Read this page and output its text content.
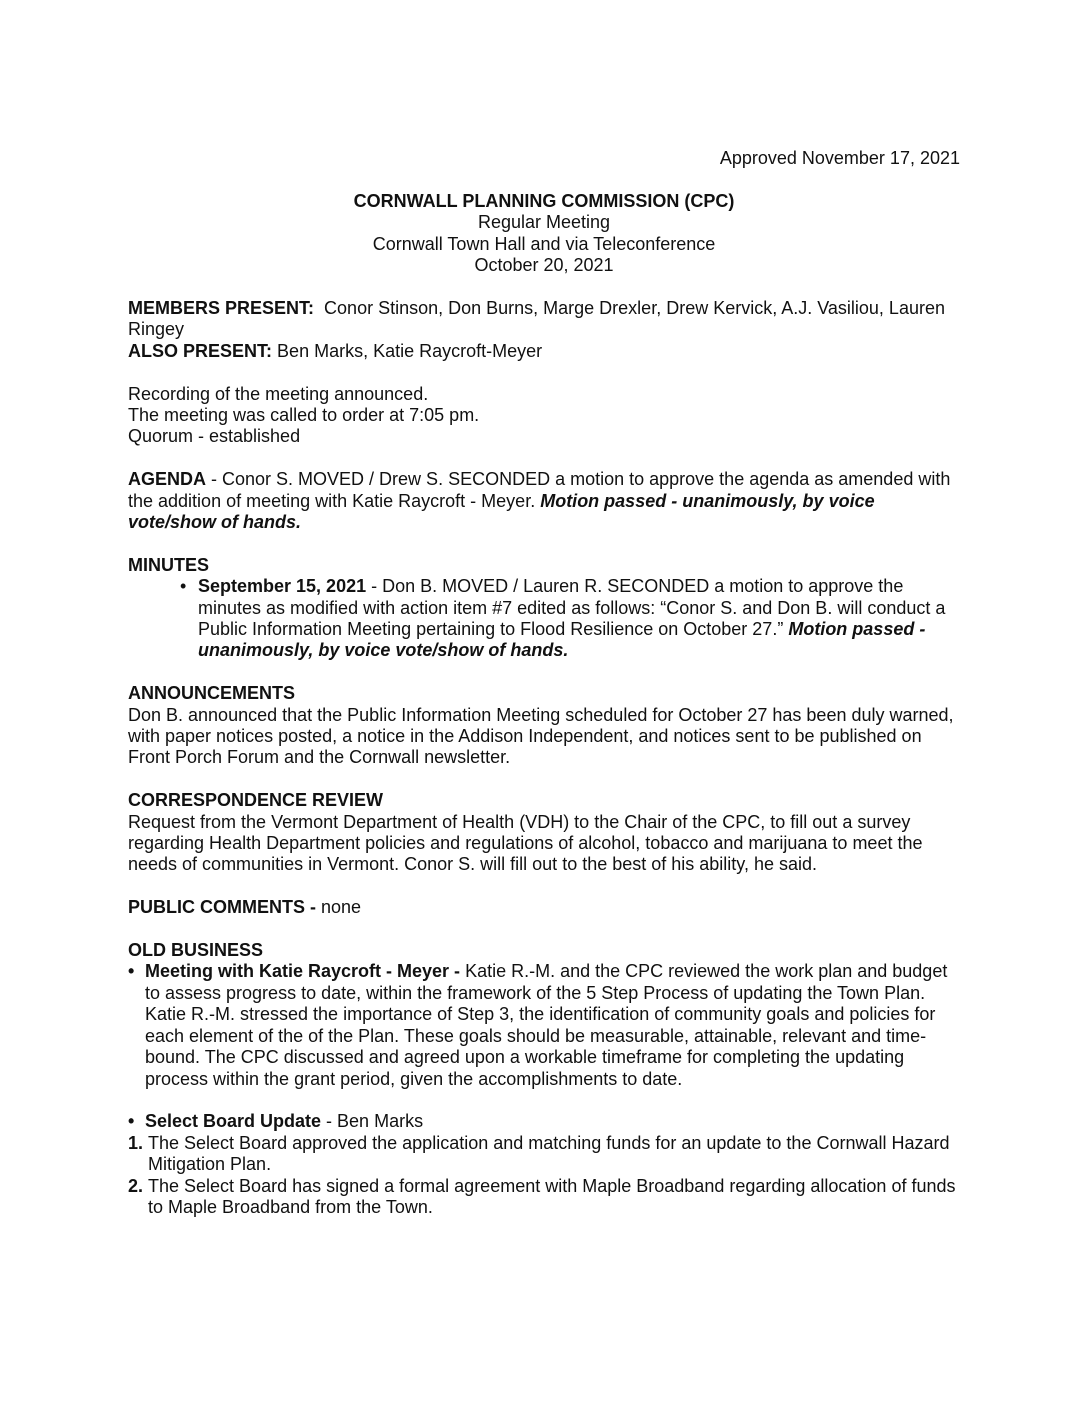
Approved November 17, 2021

CORNWALL PLANNING COMMISSION (CPC)

Regular Meeting

Cornwall Town Hall and via Teleconference

October 20, 2021

MEMBERS PRESENT: Conor Stinson, Don Burns, Marge Drexler, Drew Kervick, A.J. Vasiliou, Lauren Ringey

ALSO PRESENT: Ben Marks, Katie Raycroft-Meyer

Recording of the meeting announced.

The meeting was called to order at 7:05 pm.

Quorum - established

AGENDA - Conor S. MOVED / Drew S. SECONDED a motion to approve the agenda as amended with the addition of meeting with Katie Raycroft - Meyer. Motion passed - unanimously, by voice vote/show of hands.

MINUTES

• September 15, 2021 - Don B. MOVED / Lauren R. SECONDED a motion to approve the minutes as modified with action item #7 edited as follows: “Conor S. and Don B. will conduct a Public Information Meeting pertaining to Flood Resilience on October 27.” Motion passed - unanimously, by voice vote/show of hands.

ANNOUNCEMENTS

Don B. announced that the Public Information Meeting scheduled for October 27 has been duly warned, with paper notices posted, a notice in the Addison Independent, and notices sent to be published on Front Porch Forum and the Cornwall newsletter.

CORRESPONDENCE REVIEW

Request from the Vermont Department of Health (VDH) to the Chair of the CPC, to fill out a survey regarding Health Department policies and regulations of alcohol, tobacco and marijuana to meet the needs of communities in Vermont. Conor S. will fill out to the best of his ability, he said.

PUBLIC COMMENTS - none

OLD BUSINESS

• Meeting with Katie Raycroft - Meyer - Katie R.-M. and the CPC reviewed the work plan and budget to assess progress to date, within the framework of the 5 Step Process of updating the Town Plan. Katie R.-M. stressed the importance of Step 3, the identification of community goals and policies for each element of the of the Plan. These goals should be measurable, attainable, relevant and time-bound. The CPC discussed and agreed upon a workable timeframe for completing the updating process within the grant period, given the accomplishments to date.

• Select Board Update - Ben Marks

1. The Select Board approved the application and matching funds for an update to the Cornwall Hazard Mitigation Plan.

2. The Select Board has signed a formal agreement with Maple Broadband regarding allocation of funds to Maple Broadband from the Town.
